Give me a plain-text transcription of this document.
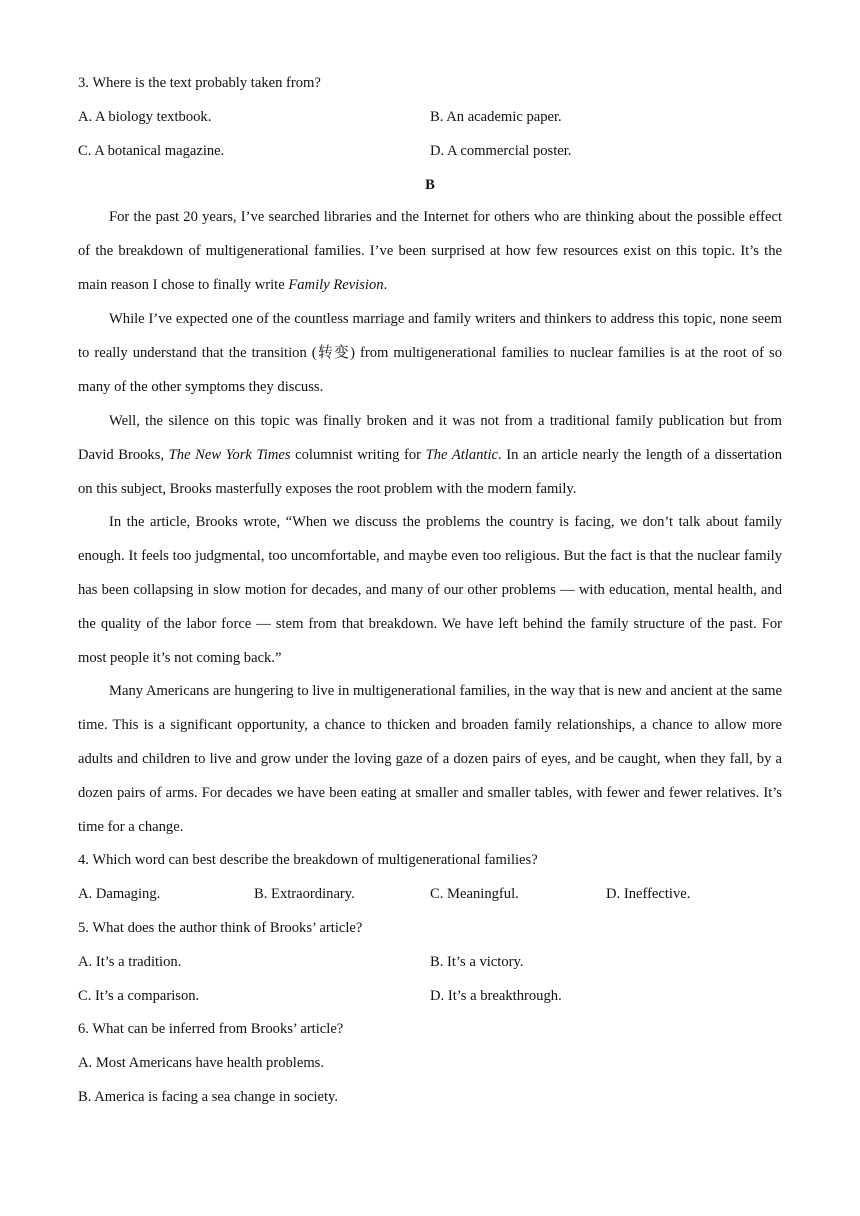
3. Where is the text probably taken from?
A. A biology textbook.	B. An academic paper.
C. A botanical magazine.	D. A commercial poster.
B
For the past 20 years, I’ve searched libraries and the Internet for others who are thinking about the possible effect of the breakdown of multigenerational families. I’ve been surprised at how few resources exist on this topic. It’s the main reason I chose to finally write Family Revision.
While I’ve expected one of the countless marriage and family writers and thinkers to address this topic, none seem to really understand that the transition (转变) from multigenerational families to nuclear families is at the root of so many of the other symptoms they discuss.
Well, the silence on this topic was finally broken and it was not from a traditional family publication but from David Brooks, The New York Times columnist writing for The Atlantic. In an article nearly the length of a dissertation on this subject, Brooks masterfully exposes the root problem with the modern family.
In the article, Brooks wrote, “When we discuss the problems the country is facing, we don’t talk about family enough. It feels too judgmental, too uncomfortable, and maybe even too religious. But the fact is that the nuclear family has been collapsing in slow motion for decades, and many of our other problems — with education, mental health, and the quality of the labor force — stem from that breakdown. We have left behind the family structure of the past. For most people it’s not coming back.”
Many Americans are hungering to live in multigenerational families, in the way that is new and ancient at the same time. This is a significant opportunity, a chance to thicken and broaden family relationships, a chance to allow more adults and children to live and grow under the loving gaze of a dozen pairs of eyes, and be caught, when they fall, by a dozen pairs of arms. For decades we have been eating at smaller and smaller tables, with fewer and fewer relatives. It’s time for a change.
4. Which word can best describe the breakdown of multigenerational families?
A. Damaging.	B. Extraordinary.	C. Meaningful.	D. Ineffective.
5. What does the author think of Brooks’ article?
A. It’s a tradition.	B. It’s a victory.
C. It’s a comparison.	D. It’s a breakthrough.
6. What can be inferred from Brooks’ article?
A. Most Americans have health problems.
B. America is facing a sea change in society.
